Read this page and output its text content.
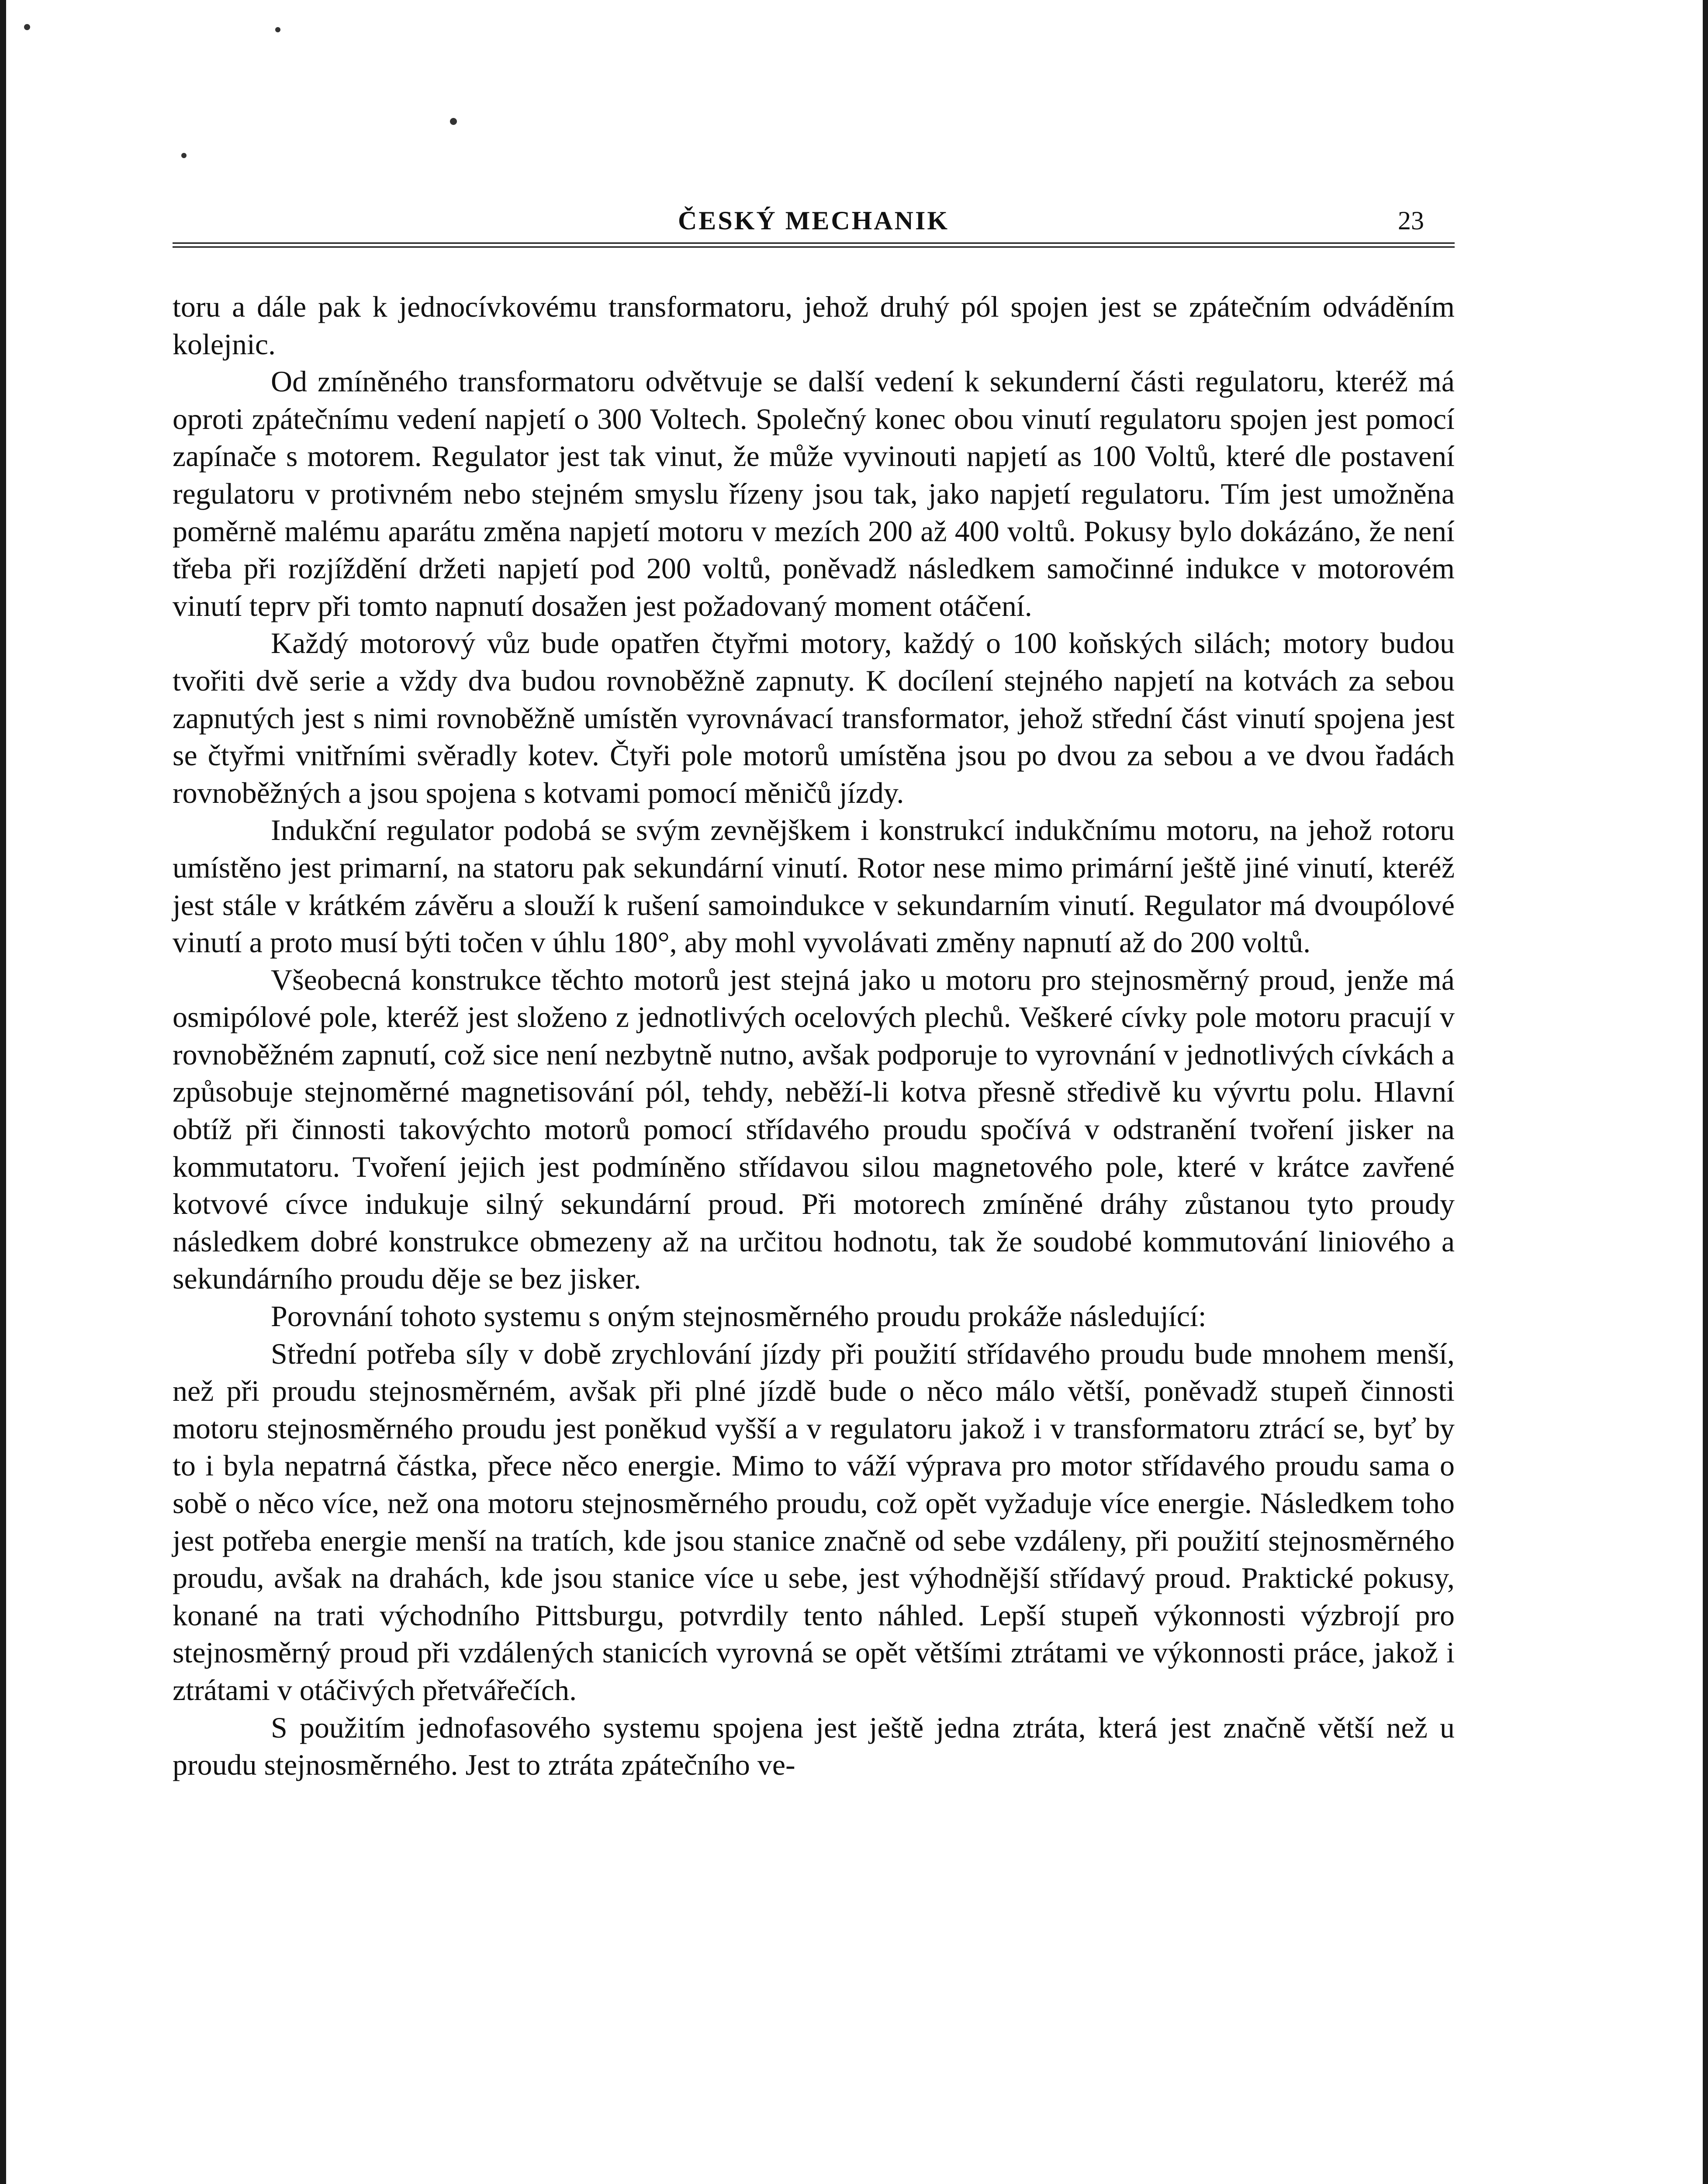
ČESKÝ MECHANIK	23

toru a dále pak k jednocívkovému transformatoru, jehož druhý pól spojen jest se zpátečním odváděním kolejnic.

Od zmíněného transformatoru odvětvuje se další vedení k sekunderní části regulatoru, kteréž má oproti zpátečnímu vedení napjetí o 300 Voltech. Společný konec obou vinutí regulatoru spojen jest pomocí zapínače s motorem. Regulator jest tak vinut, že může vyvinouti napjetí as 100 Voltů, které dle postavení regulatoru v protivném nebo stejném smyslu řízeny jsou tak, jako napjetí regulatoru. Tím jest umožněna poměrně malému aparátu změna napjetí motoru v mezích 200 až 400 voltů. Pokusy bylo dokázáno, že není třeba při rozjíždění držeti napjetí pod 200 voltů, poněvadž následkem samočinné indukce v motorovém vinutí teprv při tomto napnutí dosažen jest požadovaný moment otáčení.

Každý motorový vůz bude opatřen čtyřmi motory, každý o 100 koňských silách; motory budou tvořiti dvě serie a vždy dva budou rovnoběžně zapnuty. K docílení stejného napjetí na kotvách za sebou zapnutých jest s nimi rovnoběžně umístěn vyrovnávací transformator, jehož střední část vinutí spojena jest se čtyřmi vnitřními svěradly kotev. Čtyři pole motorů umístěna jsou po dvou za sebou a ve dvou řadách rovnoběžných a jsou spojena s kotvami pomocí měničů jízdy.

Indukční regulator podobá se svým zevnějškem i konstrukcí indukčnímu motoru, na jehož rotoru umístěno jest primarní, na statoru pak sekundární vinutí. Rotor nese mimo primární ještě jiné vinutí, kteréž jest stále v krátkém závěru a slouží k rušení samoindukce v sekundarním vinutí. Regulator má dvoupólové vinutí a proto musí býti točen v úhlu 180°, aby mohl vyvolávati změny napnutí až do 200 voltů.

Všeobecná konstrukce těchto motorů jest stejná jako u motoru pro stejnosměrný proud, jenže má osmipólové pole, kteréž jest složeno z jednotlivých ocelových plechů. Veškeré cívky pole motoru pracují v rovnoběžném zapnutí, což sice není nezbytně nutno, avšak podporuje to vyrovnání v jednotlivých cívkách a způsobuje stejnoměrné magnetisování pól, tehdy, neběží-li kotva přesně středivě ku vývrtu polu. Hlavní obtíž při činnosti takovýchto motorů pomocí střídavého proudu spočívá v odstranění tvoření jisker na kommutatoru. Tvoření jejich jest podmíněno střídavou silou magnetového pole, které v krátce zavřené kotvové cívce indukuje silný sekundární proud. Při motorech zmíněné dráhy zůstanou tyto proudy následkem dobré konstrukce obmezeny až na určitou hodnotu, tak že soudobé kommutování liniového a sekundárního proudu děje se bez jisker.

Porovnání tohoto systemu s oným stejnosměrného proudu prokáže následující:

Střední potřeba síly v době zrychlování jízdy při použití střídavého proudu bude mnohem menší, než při proudu stejnosměrném, avšak při plné jízdě bude o něco málo větší, poněvadž stupeň činnosti motoru stejnosměrného proudu jest poněkud vyšší a v regulatoru jakož i v transformatoru ztrácí se, byť by to i byla nepatrná částka, přece něco energie. Mimo to váží výprava pro motor střídavého proudu sama o sobě o něco více, než ona motoru stejnosměrného proudu, což opět vyžaduje více energie. Následkem toho jest potřeba energie menší na tratích, kde jsou stanice značně od sebe vzdáleny, při použití stejnosměrného proudu, avšak na drahách, kde jsou stanice více u sebe, jest výhodnější střídavý proud. Praktické pokusy, konané na trati východního Pittsburgu, potvrdily tento náhled. Lepší stupeň výkonnosti výzbrojí pro stejnosměrný proud při vzdálených stanicích vyrovná se opět většími ztrátami ve výkonnosti práce, jakož i ztrátami v otáčivých přetvářečích.

S použitím jednofasového systemu spojena jest ještě jedna ztráta, která jest značně větší než u proudu stejnosměrného. Jest to ztráta zpátečního ve-
